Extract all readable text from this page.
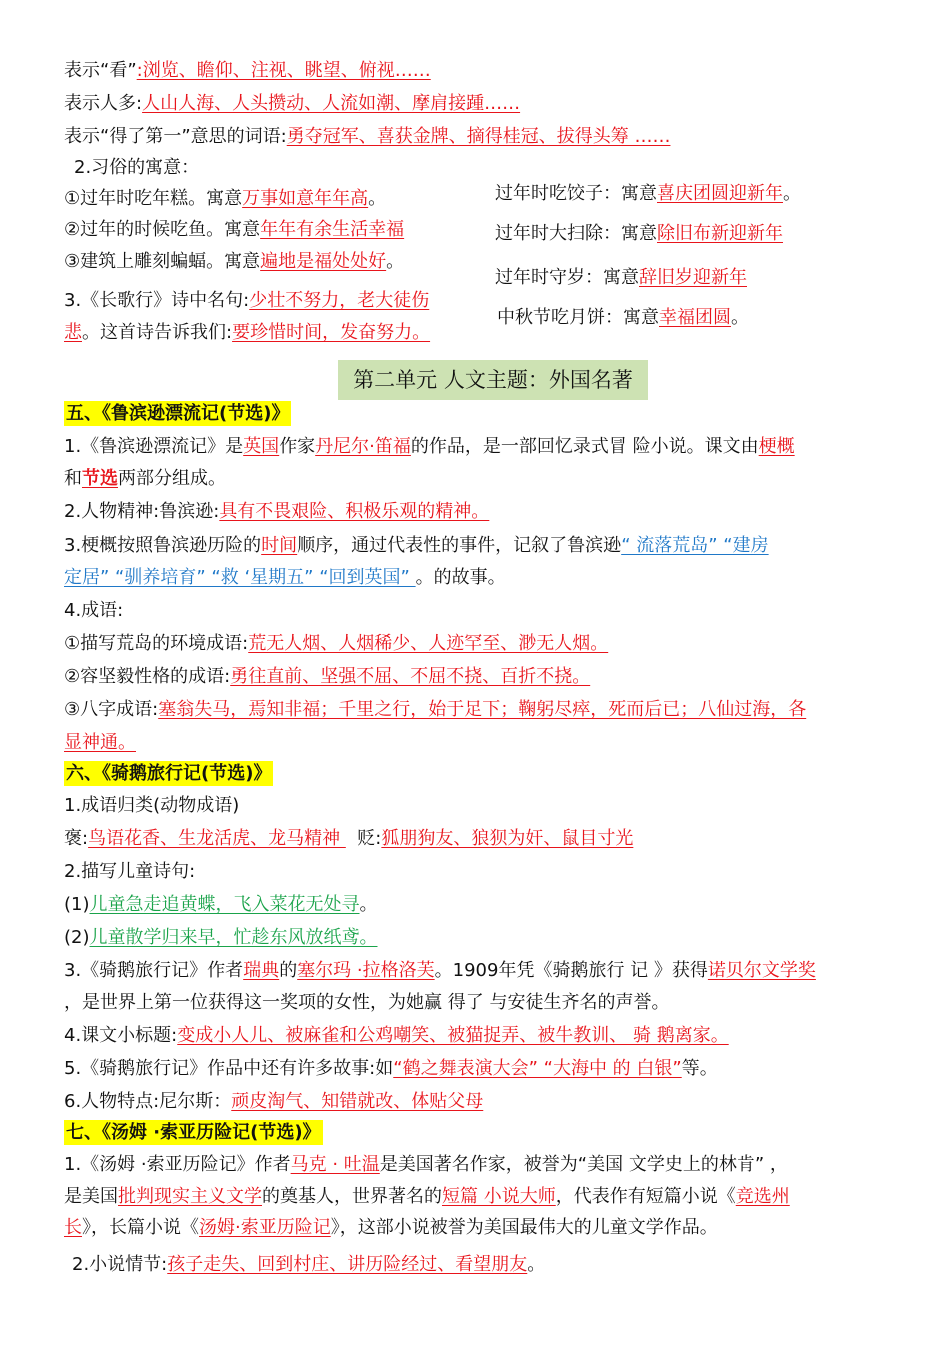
表示“看”:浏览、瞻仰、注视、眺望、俯视……
表示人多:人山人海、人头攒动、人流如潮、摩肩接踵……
表示“得了第一”意思的词语:勇夺冠军、喜获金牌、摘得桂冠、拔得头筹 ……
2.习俗的寓意：
①过年时吃年糕。寓意万事如意年年高。
②过年的时候吃鱼。寓意年年有余生活幸福
③建筑上雕刻蝙蝠。寓意遍地是福处处好。
过年时吃饺子：寓意喜庆团圆迎新年。
过年时大扫除：寓意除旧布新迎新年
过年时守岁：寓意辞旧岁迎新年
中秋节吃月饼：寓意幸福团圆。
3.《长歌行》诗中名句:少壮不努力，老大徒伤
悲。这首诗告诉我们:要珍惜时间，发奋努力。
第二单元 人文主题：外国名著
五、《鲁滨逊漂流记(节选)》
1.《鲁滨逊漂流记》是英国作家丹尼尔·笛福的作品，是一部回忆录式冒 险小说。课文由梗概
和节选两部分组成。
2.人物精神:鲁滨逊:具有不畏艰险、积极乐观的精神。
3.梗概按照鲁滨逊历险的时间顺序，通过代表性的事件，记叙了鲁滨逊“ 流落荒岛” “建房
定居” “驯养培育” “救 ‘星期五” “回到英国” 。的故事。
4.成语:
①描写荒岛的环境成语:荒无人烟、人烟稀少、人迹罕至、渺无人烟。
②容坚毅性格的成语:勇往直前、坚强不屈、不屈不挠、百折不挠。
③八字成语:塞翁失马，焉知非福；千里之行，始于足下；鞠躬尽瘁，死而后已；八仙过海，各
显神通。
六、《骑鹅旅行记(节选)》
1.成语归类(动物成语)
褒:鸟语花香、生龙活虎、龙马精神   贬:狐朋狗友、狼狈为奸、鼠目寸光
2.描写儿童诗句:
(1)儿童急走追黄蝶，飞入菜花无处寻。
(2)儿童散学归来早，忙趁东风放纸鸢。
3.《骑鹅旅行记》作者瑞典的塞尔玛 ·拉格洛芙。1909年凭《骑鹅旅行 记 》获得诺贝尔文学奖
，是世界上第一位获得这一奖项的女性，为她赢 得了 与安徒生齐名的声誉。
4.课文小标题:变成小人儿、被麻雀和公鸡嘲笑、被猫捉弄、被牛教训、 骑 鹅离家。
5.《骑鹅旅行记》作品中还有许多故事:如“鹤之舞表演大会” “大海中 的 白银”等。
6.人物特点:尼尔斯：顽皮淘气、知错就改、体贴父母
七、《汤姆 ·索亚历险记(节选)》
1.《汤姆 ·索亚历险记》作者马克 · 吐温是美国著名作家，被誉为“美国 文学史上的林肯” ，
是美国批判现实主义文学的奠基人，世界著名的短篇 小说大师，代表作有短篇小说《竞选州
长》，长篇小说《汤姆·索亚历险记》，这部小说被誉为美国最伟大的儿童文学作品。
2.小说情节:孩子走失、回到村庄、讲历险经过、看望朋友。
